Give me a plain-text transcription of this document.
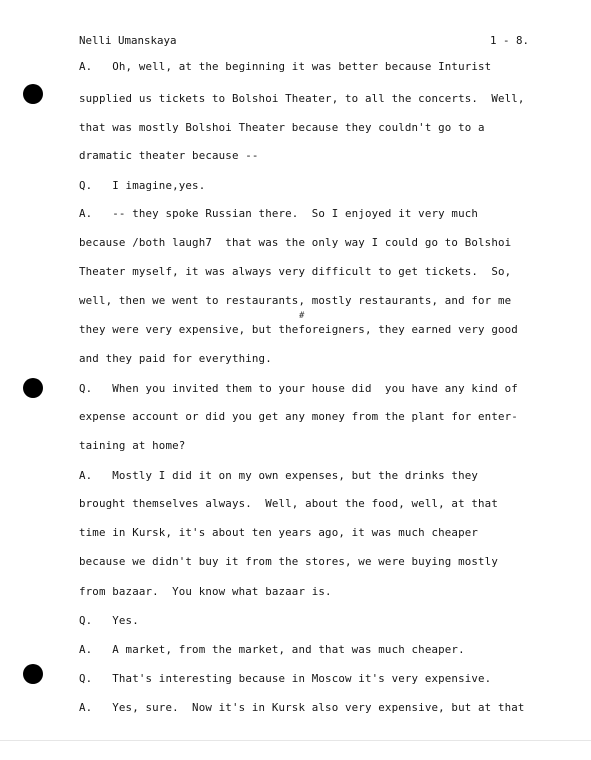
Nelli Umanskaya	1 - 8.
A.   Oh, well, at the beginning it was better because Inturist
supplied us tickets to Bolshoi Theater, to all the concerts.  Well,
that was mostly Bolshoi Theater because they couldn't go to a
dramatic theater because --
Q.   I imagine,yes.
A.   -- they spoke Russian there.  So I enjoyed it very much
because /both laugh7  that was the only way I could go to Bolshoi
Theater myself, it was always very difficult to get tickets.  So,
well, then we went to restaurants, mostly restaurants, and for me
they were very expensive, but theforeigners, they earned very good
and they paid for everything.
Q.   When you invited them to your house did  you have any kind of
expense account or did you get any money from the plant for enter-
taining at home?
A.   Mostly I did it on my own expenses, but the drinks they
brought themselves always.  Well, about the food, well, at that
time in Kursk, it's about ten years ago, it was much cheaper
because we didn't buy it from the stores, we were buying mostly
from bazaar.  You know what bazaar is.
Q.   Yes.
A.   A market, from the market, and that was much cheaper.
Q.   That's interesting because in Moscow it's very expensive.
A.   Yes, sure.  Now it's in Kursk also very expensive, but at that
#
